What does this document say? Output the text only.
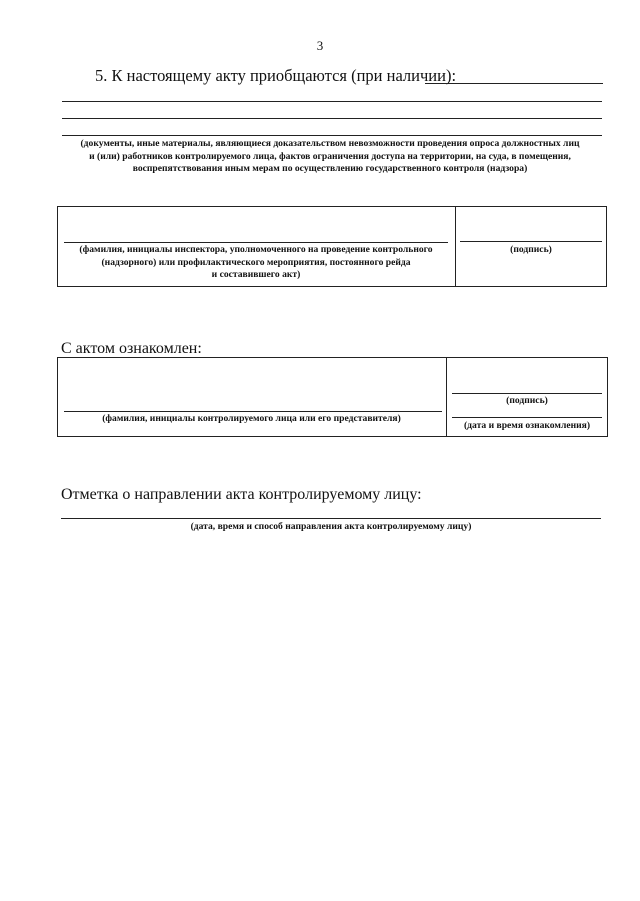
3
5. К настоящему акту приобщаются (при наличии):
(документы, иные материалы, являющиеся доказательством невозможности проведения опроса должностных лиц
и (или) работников контролируемого лица, фактов ограничения доступа на территории, на суда, в помещения,
воспрепятствования иным мерам по осуществлению государственного контроля (надзора)
(фамилия, инициалы инспектора, уполномоченного на проведение контрольного
(надзорного) или профилактического мероприятия, постоянного рейда
и составившего акт)
(подпись)
С актом ознакомлен:
(фамилия, инициалы контролируемого лица или его представителя)
(подпись)
(дата и время ознакомления)
Отметка о направлении акта контролируемому лицу:
(дата, время и способ направления акта контролируемому лицу)
